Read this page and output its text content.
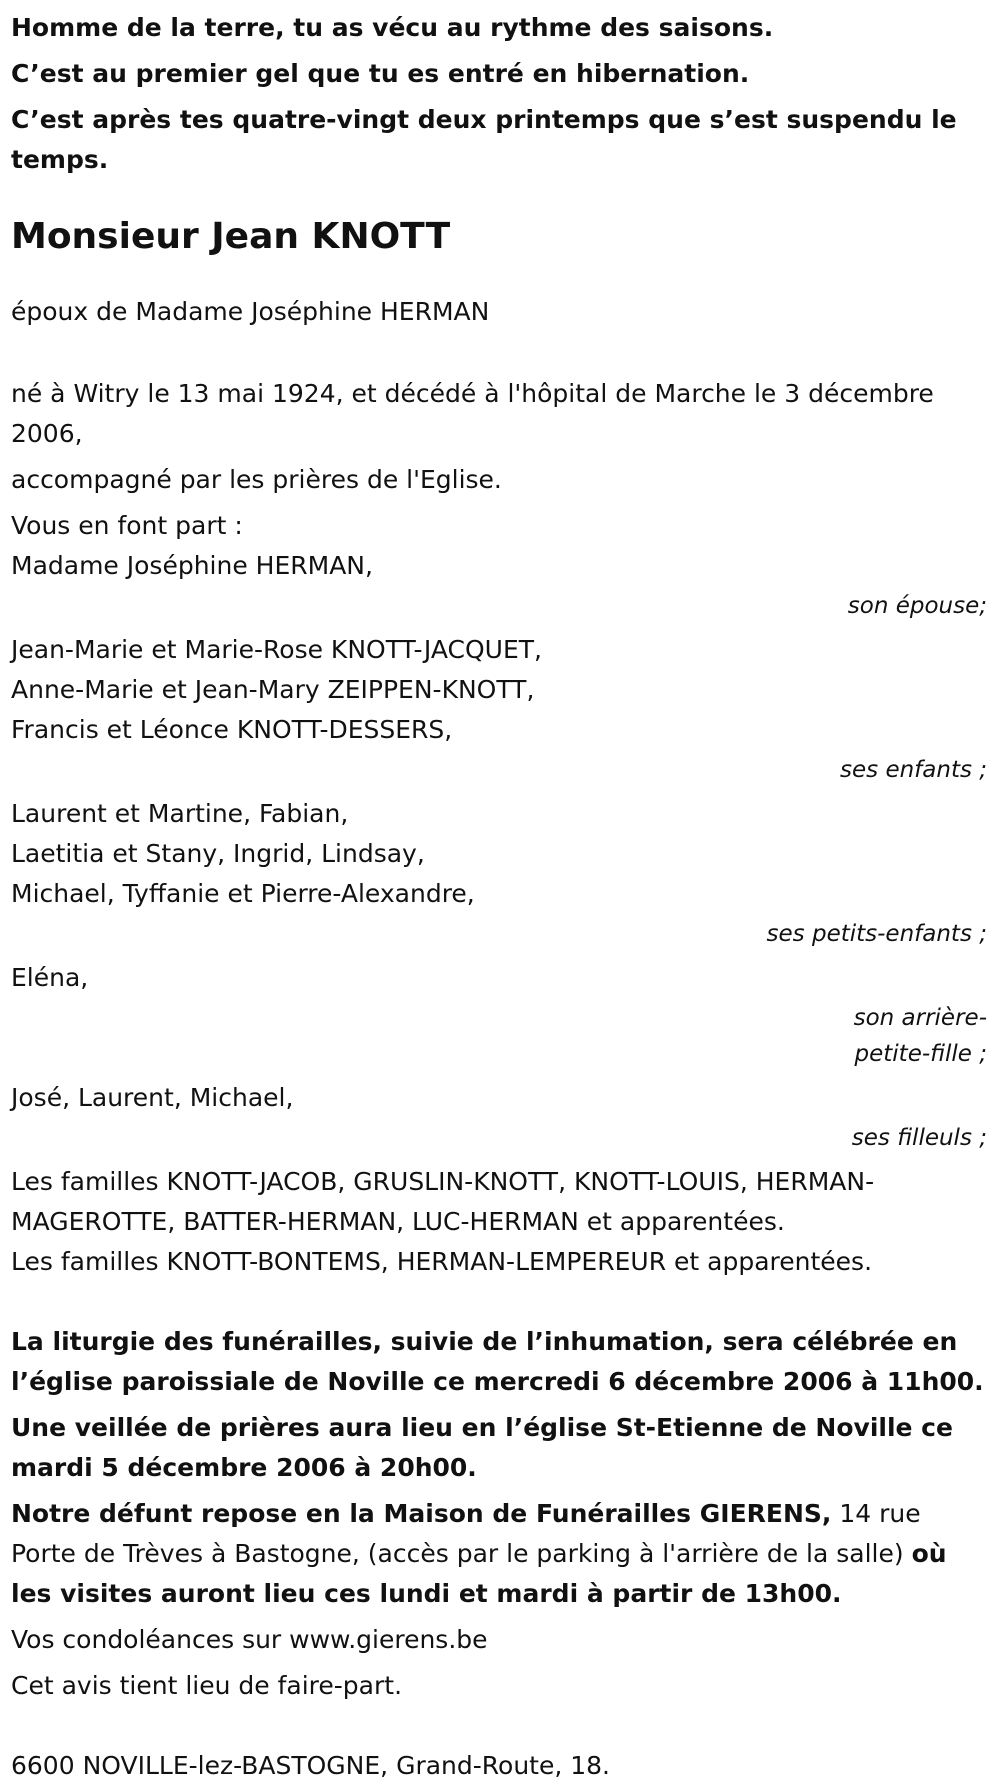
Homme de la terre, tu as vécu au rythme des saisons.

C’est au premier gel que tu es entré en hibernation.

C’est après tes quatre-vingt deux printemps que s’est suspendu le temps.

Monsieur Jean KNOTT

époux de Madame Joséphine HERMAN

né à Witry le 13 mai 1924, et décédé à l'hôpital de Marche le 3 décembre 2006,

accompagné par les prières de l'Eglise.

Vous en font part :

Madame Joséphine HERMAN,

son épouse;

Jean-Marie et Marie-Rose KNOTT-JACQUET,

Anne-Marie et Jean-Mary ZEIPPEN-KNOTT,

Francis et Léonce KNOTT-DESSERS,

ses enfants ;

Laurent et Martine, Fabian,

Laetitia et Stany, Ingrid, Lindsay,

Michael, Tyffanie et Pierre-Alexandre,

ses petits-enfants ;

Eléna,

son arrière-

petite-fille ;

José, Laurent, Michael,

ses filleuls ;

Les familles KNOTT-JACOB, GRUSLIN-KNOTT, KNOTT-LOUIS, HERMAN-MAGEROTTE, BATTER-HERMAN, LUC-HERMAN et apparentées.

Les familles KNOTT-BONTEMS, HERMAN-LEMPEREUR et apparentées.

La liturgie des funérailles, suivie de l’inhumation, sera célébrée en l’église paroissiale de Noville ce mercredi 6 décembre 2006 à 11h00.

Une veillée de prières aura lieu en l’église St-Etienne de Noville ce mardi 5 décembre 2006 à 20h00.

Notre défunt repose en la Maison de Funérailles GIERENS, 14 rue Porte de Trèves à Bastogne, (accès par le parking à l'arrière de la salle) où les visites auront lieu ces lundi et mardi à partir de 13h00.

Vos condoléances sur www.gierens.be

Cet avis tient lieu de faire-part.

6600 NOVILLE-lez-BASTOGNE, Grand-Route, 18.
